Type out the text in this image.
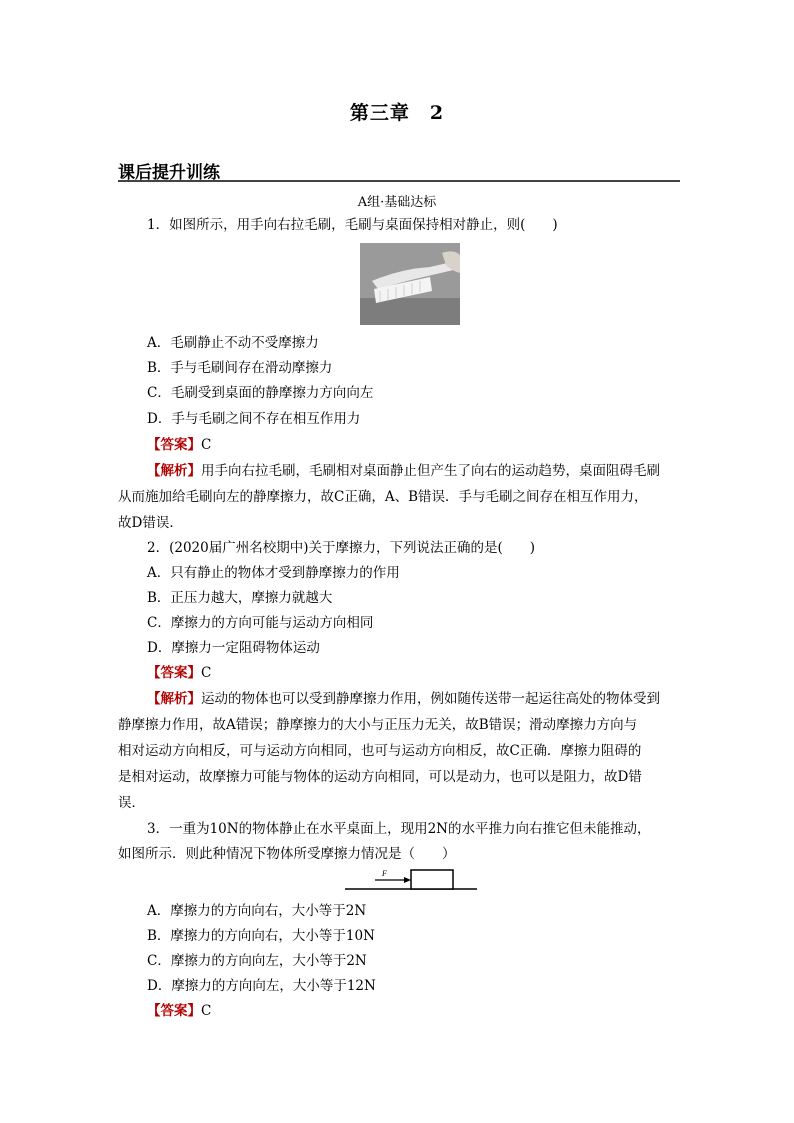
第三章　2
课后提升训练
A组·基础达标
1．如图所示，用手向右拉毛刷，毛刷与桌面保持相对静止，则(　　)
A．毛刷静止不动不受摩擦力
B．手与毛刷间存在滑动摩擦力
C．毛刷受到桌面的静摩擦力方向向左
D．手与毛刷之间不存在相互作用力
【答案】C
【解析】用手向右拉毛刷，毛刷相对桌面静止但产生了向右的运动趋势，桌面阻碍毛刷
从而施加给毛刷向左的静摩擦力，故C正确，A、B错误．手与毛刷之间存在相互作用力，
故D错误．
2．(2020届广州名校期中)关于摩擦力，下列说法正确的是(　　)
A．只有静止的物体才受到静摩擦力的作用
B．正压力越大，摩擦力就越大
C．摩擦力的方向可能与运动方向相同
D．摩擦力一定阻碍物体运动
【答案】C
【解析】运动的物体也可以受到静摩擦力作用，例如随传送带一起运往高处的物体受到
静摩擦力作用，故A错误；静摩擦力的大小与正压力无关，故B错误；滑动摩擦力方向与
相对运动方向相反，可与运动方向相同，也可与运动方向相反，故C正确．摩擦力阻碍的
是相对运动，故摩擦力可能与物体的运动方向相同，可以是动力，也可以是阻力，故D错
误．
3．一重为10N的物体静止在水平桌面上，现用2N的水平推力向右推它但未能推动，
如图所示．则此种情况下物体所受摩擦力情况是（　　）
F
A．摩擦力的方向向右，大小等于2N
B．摩擦力的方向向右，大小等于10N
C．摩擦力的方向向左，大小等于2N
D．摩擦力的方向向左，大小等于12N
【答案】C
